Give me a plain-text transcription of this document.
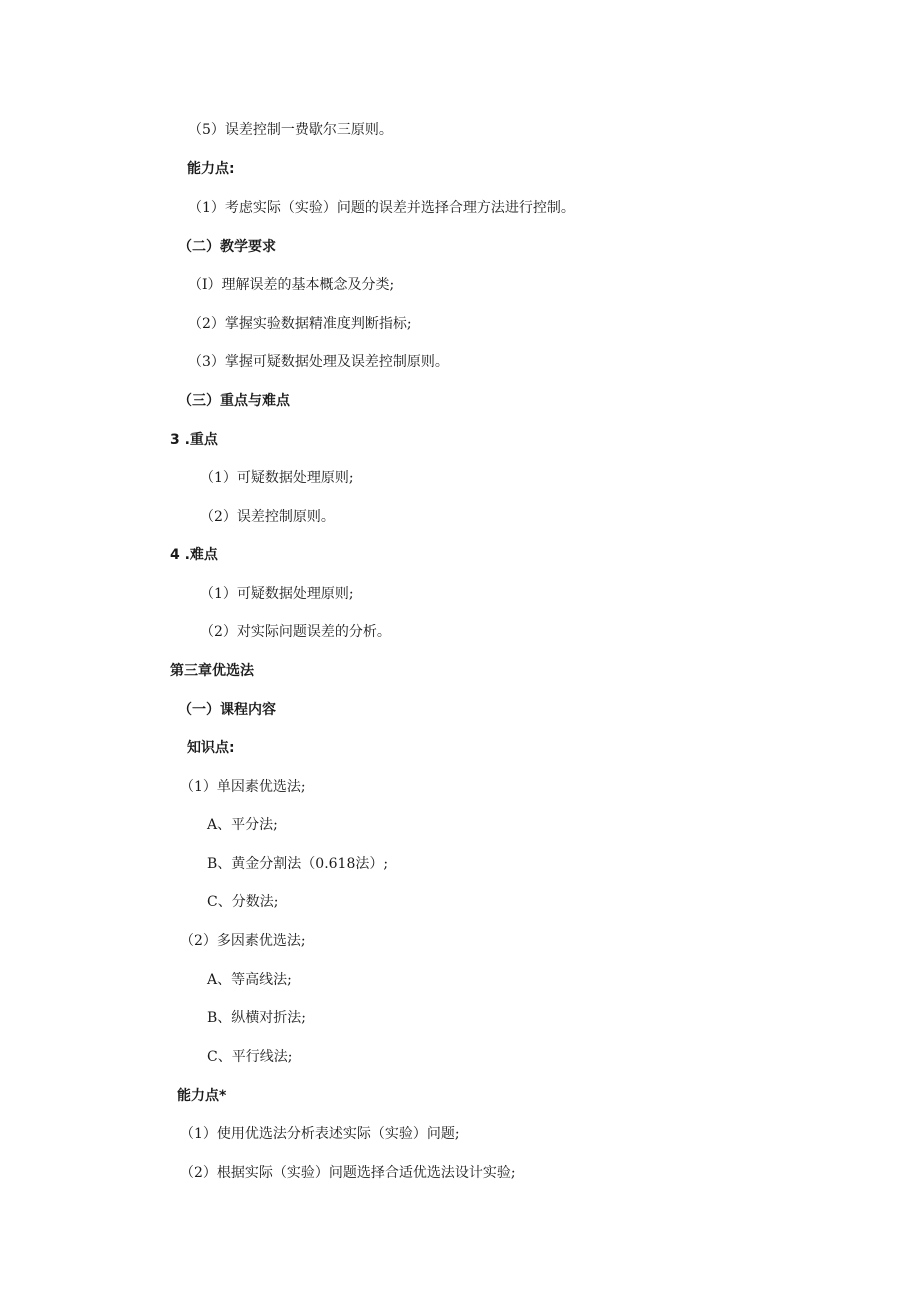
（5）误差控制一费歇尔三原则。
能力点:
（1）考虑实际（实验）问题的误差并选择合理方法进行控制。
（二）教学要求
（I）理解误差的基本概念及分类;
（2）掌握实验数据精准度判断指标;
（3）掌握可疑数据处理及误差控制原则。
（三）重点与难点
3 .重点
（1）可疑数据处理原则;
（2）误差控制原则。
4 .难点
（1）可疑数据处理原则;
（2）对实际问题误差的分析。
第三章优选法
（一）课程内容
知识点:
（1）单因素优选法;
A、平分法;
B、黄金分割法（0.618法）;
C、分数法;
（2）多因素优选法;
A、等高线法;
B、纵横对折法;
C、平行线法;
能力点*
（1）使用优选法分析表述实际（实验）问题;
（2）根据实际（实验）问题选择合适优选法设计实验;
